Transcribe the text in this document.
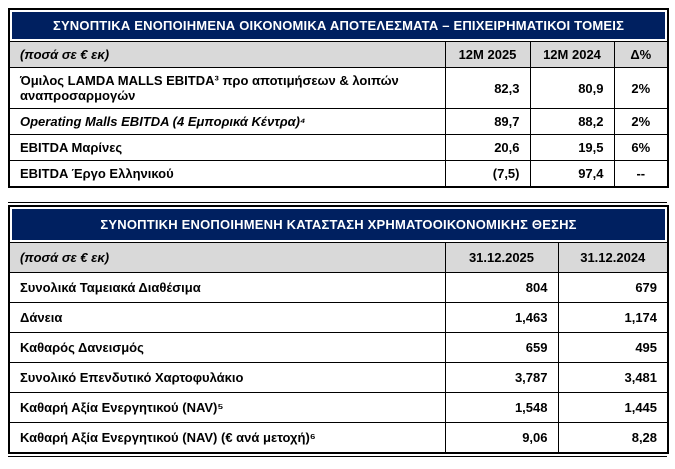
ΣΥΝΟΠΤΙΚΑ ΕΝΟΠΟΙΗΜΕΝΑ ΟΙΚΟΝΟΜΙΚΑ ΑΠΟΤΕΛΕΣΜΑΤΑ – ΕΠΙΧΕΙΡΗΜΑΤΙΚΟΙ ΤΟΜΕΙΣ			

(ποσά σε € εκ)	12M 2025	12M 2024	Δ%
Όμιλος LAMDA MALLS EBITDA³ προ αποτιμήσεων & λοιπών αναπροσαρμογών	82,3	80,9	2%
Operating Malls EBITDA (4 Εμπορικά Κέντρα)⁴	89,7	88,2	2%
EBITDA Μαρίνες	20,6	19,5	6%
EBITDA Έργο Ελληνικού	(7,5)	97,4	--
ΣΥΝΟΠΤΙΚΗ ΕΝΟΠΟΙΗΜΕΝΗ ΚΑΤΑΣΤΑΣΗ ΧΡΗΜΑΤΟΟΙΚΟΝΟΜΙΚΗΣ ΘΕΣΗΣ		

(ποσά σε € εκ)	31.12.2025	31.12.2024
Συνολικά Ταμειακά Διαθέσιμα	804	679
Δάνεια	1,463	1,174
Καθαρός Δανεισμός	659	495
Συνολικό Επενδυτικό Χαρτοφυλάκιο	3,787	3,481
Καθαρή Αξία Ενεργητικού (NAV)⁵	1,548	1,445
Καθαρή Αξία Ενεργητικού (NAV) (€ ανά μετοχή)⁶	9,06	8,28
